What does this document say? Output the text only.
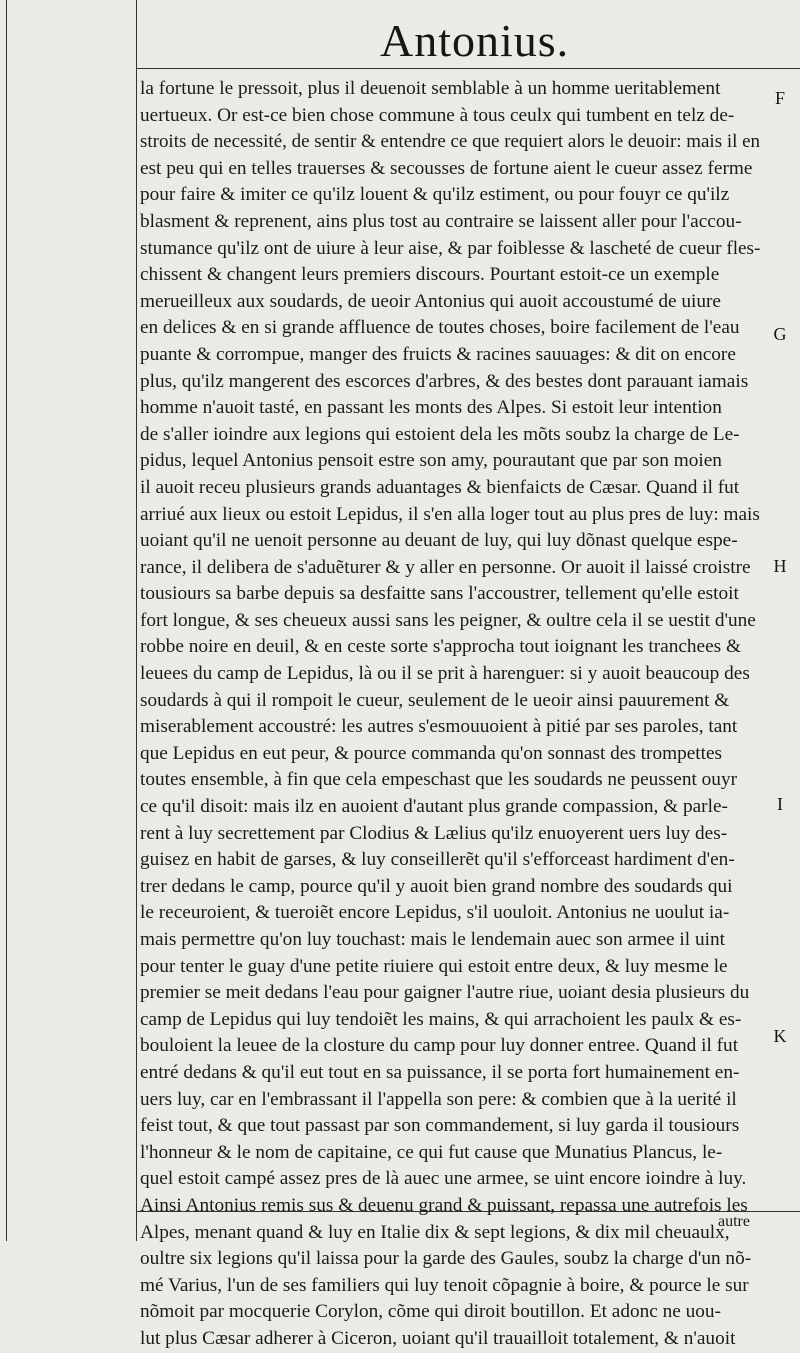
Antonius.
la fortune le pressoit, plus il deuenoit semblable à un homme ueritablement
uertueux. Or est-ce bien chose commune à tous ceulx qui tumbent en telz de-
stroits de necessité, de sentir & entendre ce que requiert alors le deuoir: mais il en
est peu qui en telles trauerses & secousses de fortune aient le cueur assez ferme
pour faire & imiter ce qu'ilz louent & qu'ilz estiment, ou pour fouyr ce qu'ilz
blasment & reprenent, ains plus tost au contraire se laissent aller pour l'accou-
stumance qu'ilz ont de uiure à leur aise, & par foiblesse & lascheté de cueur fles-
chissent & changent leurs premiers discours. Pourtant estoit-ce un exemple
merueilleux aux soudards, de ueoir Antonius qui auoit accoustumé de uiure
en delices & en si grande affluence de toutes choses, boire facilement de l'eau
puante & corrompue, manger des fruicts & racines sauuages: & dit on encore
plus, qu'ilz mangerent des escorces d'arbres, & des bestes dont parauant iamais
homme n'auoit tasté, en passant les monts des Alpes. Si estoit leur intention
de s'aller ioindre aux legions qui estoient dela les mõts soubz la charge de Le-
pidus, lequel Antonius pensoit estre son amy, pourautant que par son moien
il auoit receu plusieurs grands aduantages & bienfaicts de Cæsar. Quand il fut
arriué aux lieux ou estoit Lepidus, il s'en alla loger tout au plus pres de luy: mais
uoiant qu'il ne uenoit personne au deuant de luy, qui luy dõnast quelque espe-
rance, il delibera de s'aduẽturer & y aller en personne. Or auoit il laissé croistre
tousiours sa barbe depuis sa desfaitte sans l'accoustrer, tellement qu'elle estoit
fort longue, & ses cheueux aussi sans les peigner, & oultre cela il se uestit d'une
robbe noire en deuil, & en ceste sorte s'approcha tout ioignant les tranchees &
leuees du camp de Lepidus, là ou il se prit à harenguer: si y auoit beaucoup des
soudards à qui il rompoit le cueur, seulement de le ueoir ainsi pauurement &
miserablement accoustré: les autres s'esmouuoient à pitié par ses paroles, tant
que Lepidus en eut peur, & pource commanda qu'on sonnast des trompettes
toutes ensemble, à fin que cela empeschast que les soudards ne peussent ouyr
ce qu'il disoit: mais ilz en auoient d'autant plus grande compassion, & parle-
rent à luy secrettement par Clodius & Lælius qu'ilz enuoyerent uers luy des-
guisez en habit de garses, & luy conseillerẽt qu'il s'efforceast hardiment d'en-
trer dedans le camp, pource qu'il y auoit bien grand nombre des soudards qui
le receuroient, & tueroiẽt encore Lepidus, s'il uouloit. Antonius ne uoulut ia-
mais permettre qu'on luy touchast: mais le lendemain auec son armee il uint
pour tenter le guay d'une petite riuiere qui estoit entre deux, & luy mesme le
premier se meit dedans l'eau pour gaigner l'autre riue, uoiant desia plusieurs du
camp de Lepidus qui luy tendoiẽt les mains, & qui arrachoient les paulx & es-
bouloient la leuee de la closture du camp pour luy donner entree. Quand il fut
entré dedans & qu'il eut tout en sa puissance, il se porta fort humainement en-
uers luy, car en l'embrassant il l'appella son pere: & combien que à la uerité il
feist tout, & que tout passast par son commandement, si luy garda il tousiours
l'honneur & le nom de capitaine, ce qui fut cause que Munatius Plancus, le-
quel estoit campé assez pres de là auec une armee, se uint encore ioindre à luy.
Ainsi Antonius remis sus & deuenu grand & puissant, repassa une autrefois les
Alpes, menant quand & luy en Italie dix & sept legions, & dix mil cheuaulx,
oultre six legions qu'il laissa pour la garde des Gaules, soubz la charge d'un nõ-
mé Varius, l'un de ses familiers qui luy tenoit cõpagnie à boire, & pource le sur
nõmoit par mocquerie Corylon, cõme qui diroit boutillon. Et adonc ne uou-
lut plus Cæsar adherer à Ciceron, uoiant qu'il trauailloit totalement, & n'auoit
F
G
H
I
K
autre
